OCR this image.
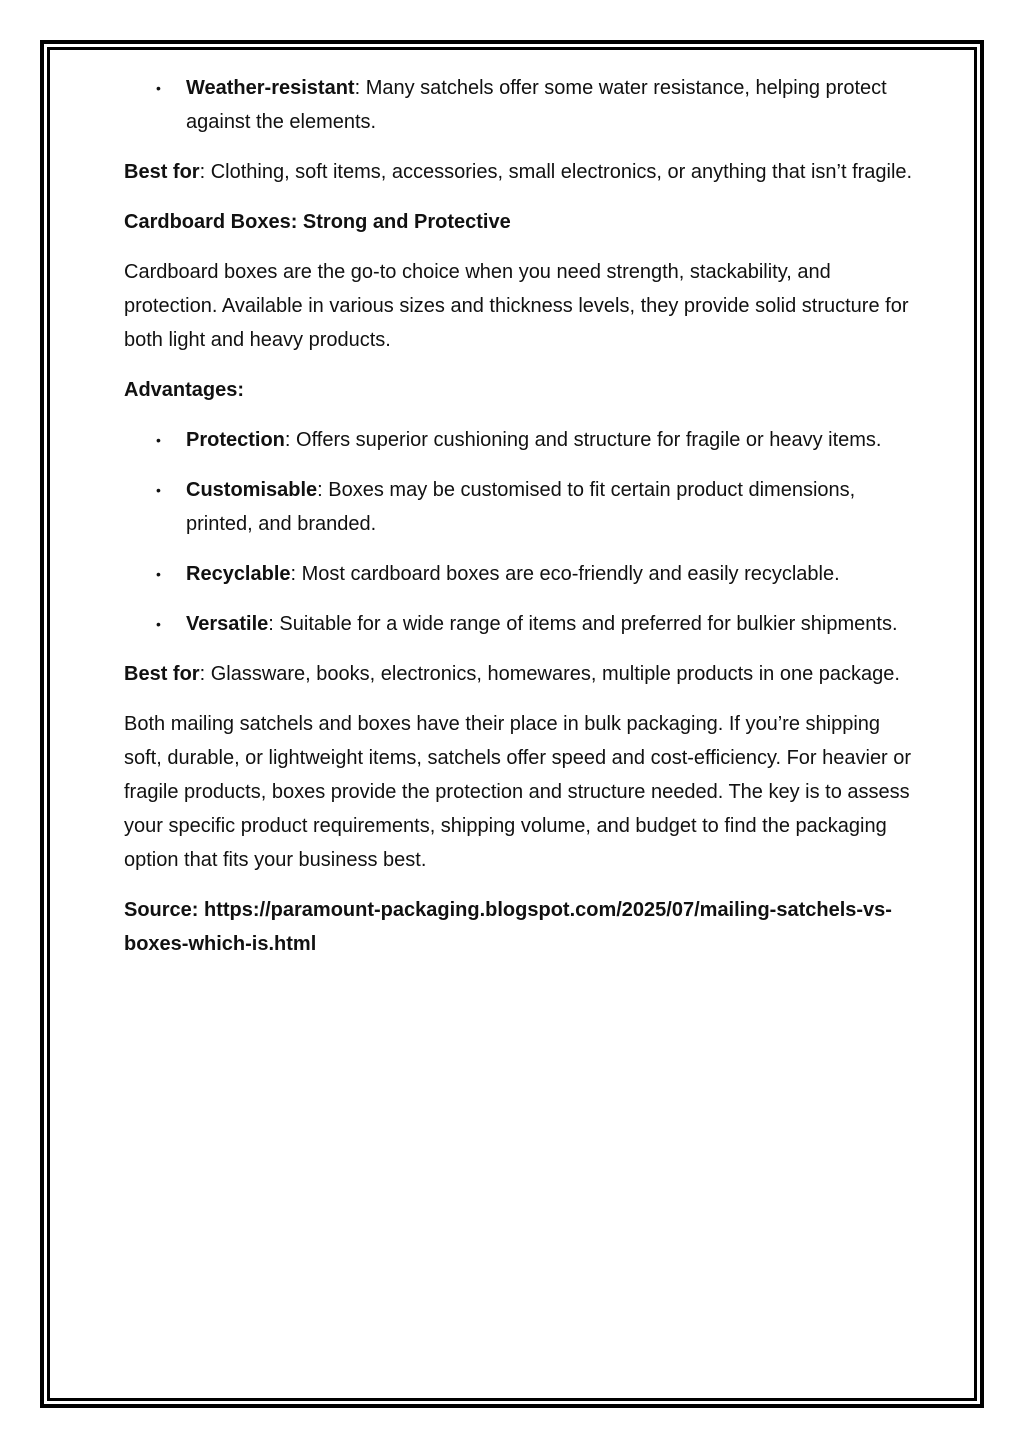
• Weather-resistant: Many satchels offer some water resistance, helping protect against the elements.

Best for: Clothing, soft items, accessories, small electronics, or anything that isn’t fragile.

Cardboard Boxes: Strong and Protective

Cardboard boxes are the go-to choice when you need strength, stackability, and protection. Available in various sizes and thickness levels, they provide solid structure for both light and heavy products.

Advantages:

• Protection: Offers superior cushioning and structure for fragile or heavy items.
• Customisable: Boxes may be customised to fit certain product dimensions, printed, and branded.
• Recyclable: Most cardboard boxes are eco-friendly and easily recyclable.
• Versatile: Suitable for a wide range of items and preferred for bulkier shipments.

Best for: Glassware, books, electronics, homewares, multiple products in one package.

Both mailing satchels and boxes have their place in bulk packaging. If you’re shipping soft, durable, or lightweight items, satchels offer speed and cost-efficiency. For heavier or fragile products, boxes provide the protection and structure needed. The key is to assess your specific product requirements, shipping volume, and budget to find the packaging option that fits your business best.

Source: https://paramount-packaging.blogspot.com/2025/07/mailing-satchels-vs-boxes-which-is.html
